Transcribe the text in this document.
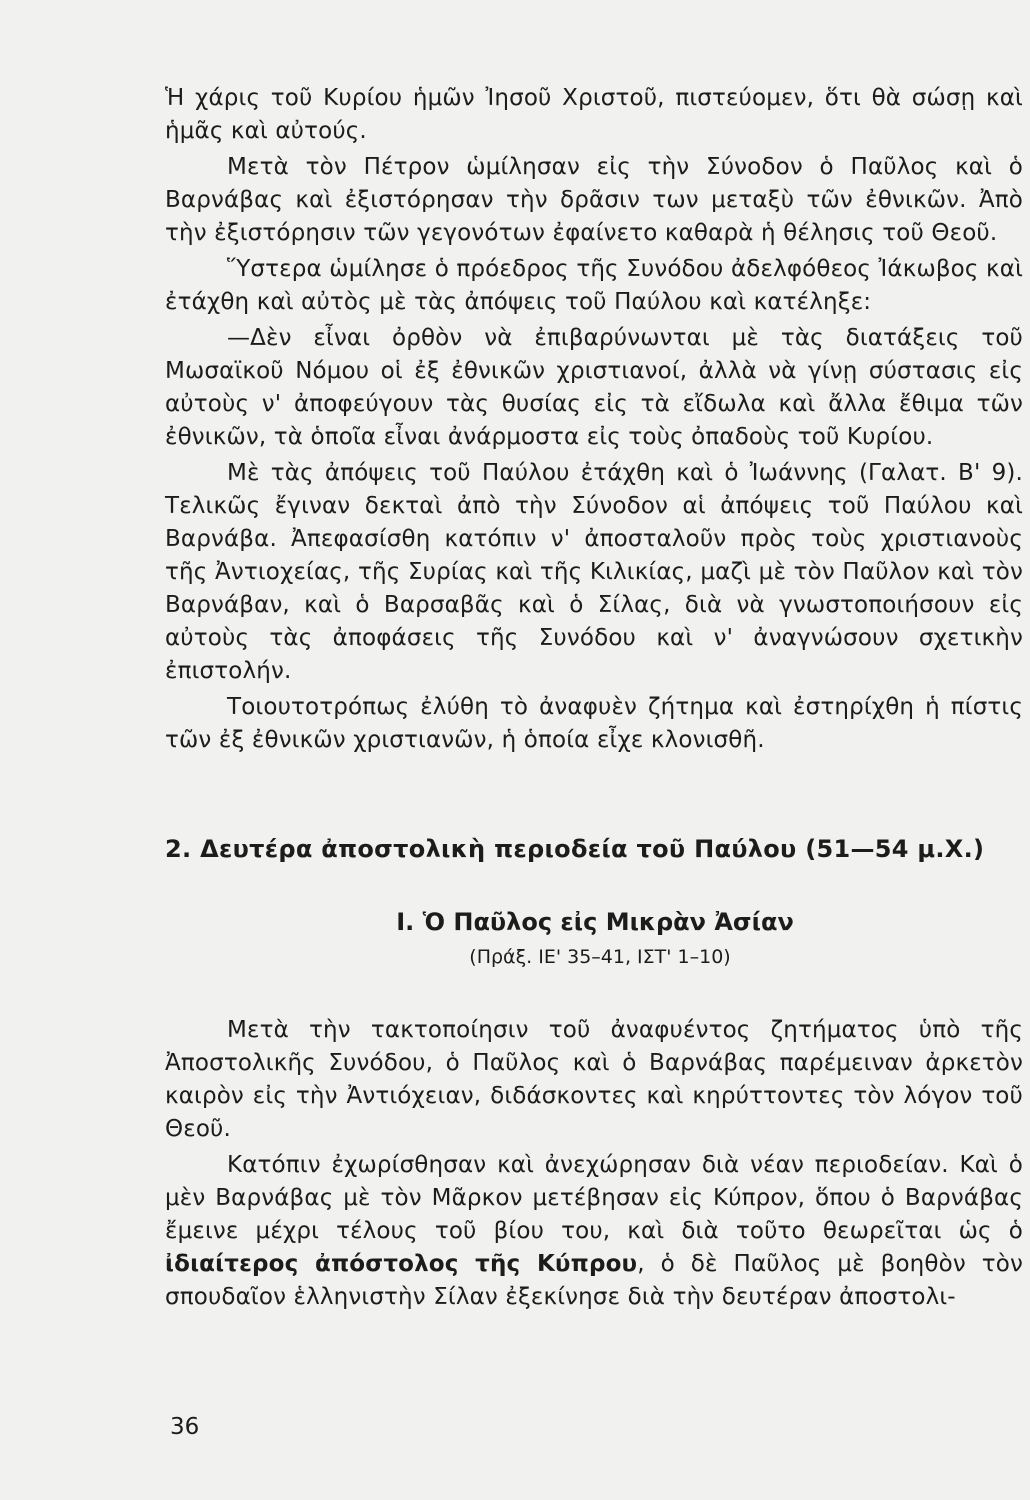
Ἡ χάρις τοῦ Κυρίου ἡμῶν Ἰησοῦ Χριστοῦ, πιστεύομεν, ὅτι θὰ σώσῃ καὶ ἡμᾶς καὶ αὐτούς.

Μετὰ τὸν Πέτρον ὡμίλησαν εἰς τὴν Σύνοδον ὁ Παῦλος καὶ ὁ Βαρνάβας καὶ ἐξιστόρησαν τὴν δρᾶσιν των μεταξὺ τῶν ἐθνικῶν. Ἀπὸ τὴν ἐξιστόρησιν τῶν γεγονότων ἐφαίνετο καθαρὰ ἡ θέλησις τοῦ Θεοῦ.

Ὕστερα ὡμίλησε ὁ πρόεδρος τῆς Συνόδου ἀδελφόθεος Ἰάκωβος καὶ ἐτάχθη καὶ αὐτὸς μὲ τὰς ἀπόψεις τοῦ Παύλου καὶ κατέληξε:

—Δὲν εἶναι ὀρθὸν νὰ ἐπιβαρύνωνται μὲ τὰς διατάξεις τοῦ Μωσαϊκοῦ Νόμου οἱ ἐξ ἐθνικῶν χριστιανοί, ἀλλὰ νὰ γίνῃ σύστασις εἰς αὐτοὺς ν' ἀποφεύγουν τὰς θυσίας εἰς τὰ εἴδωλα καὶ ἄλλα ἔθιμα τῶν ἐθνικῶν, τὰ ὁποῖα εἶναι ἀνάρμοστα εἰς τοὺς ὀπαδοὺς τοῦ Κυρίου.

Μὲ τὰς ἀπόψεις τοῦ Παύλου ἐτάχθη καὶ ὁ Ἰωάννης (Γαλατ. Β' 9). Τελικῶς ἔγιναν δεκταὶ ἀπὸ τὴν Σύνοδον αἱ ἀπόψεις τοῦ Παύλου καὶ Βαρνάβα. Ἀπεφασίσθη κατόπιν ν' ἀποσταλοῦν πρὸς τοὺς χριστιανοὺς τῆς Ἀντιοχείας, τῆς Συρίας καὶ τῆς Κιλικίας, μαζὶ μὲ τὸν Παῦλον καὶ τὸν Βαρνάβαν, καὶ ὁ Βαρσαβᾶς καὶ ὁ Σίλας, διὰ νὰ γνωστοποιήσουν εἰς αὐτοὺς τὰς ἀποφάσεις τῆς Συνόδου καὶ ν' ἀναγνώσουν σχετικὴν ἐπιστολήν.

Τοιουτοτρόπως ἐλύθη τὸ ἀναφυὲν ζήτημα καὶ ἐστηρίχθη ἡ πίστις τῶν ἐξ ἐθνικῶν χριστιανῶν, ἡ ὁποία εἶχε κλονισθῆ.

2. Δευτέρα ἀποστολικὴ περιοδεία τοῦ Παύλου (51—54 μ.Χ.)
Ι. Ὁ Παῦλος εἰς Μικρὰν Ἀσίαν
(Πράξ. ΙΕ' 35–41, ΙΣΤ' 1–10)

Μετὰ τὴν τακτοποίησιν τοῦ ἀναφυέντος ζητήματος ὑπὸ τῆς Ἀποστολικῆς Συνόδου, ὁ Παῦλος καὶ ὁ Βαρνάβας παρέμειναν ἀρκετὸν καιρὸν εἰς τὴν Ἀντιόχειαν, διδάσκοντες καὶ κηρύττοντες τὸν λόγον τοῦ Θεοῦ.

Κατόπιν ἐχωρίσθησαν καὶ ἀνεχώρησαν διὰ νέαν περιοδείαν. Καὶ ὁ μὲν Βαρνάβας μὲ τὸν Μᾶρκον μετέβησαν εἰς Κύπρον, ὅπου ὁ Βαρνάβας ἔμεινε μέχρι τέλους τοῦ βίου του, καὶ διὰ τοῦτο θεωρεῖται ὡς ὁ ἰδιαίτερος ἀπόστολος τῆς Κύπρου, ὁ δὲ Παῦλος μὲ βοηθὸν τὸν σπουδαῖον ἑλληνιστὴν Σίλαν ἐξεκίνησε διὰ τὴν δευτέραν ἀποστολι-

36
